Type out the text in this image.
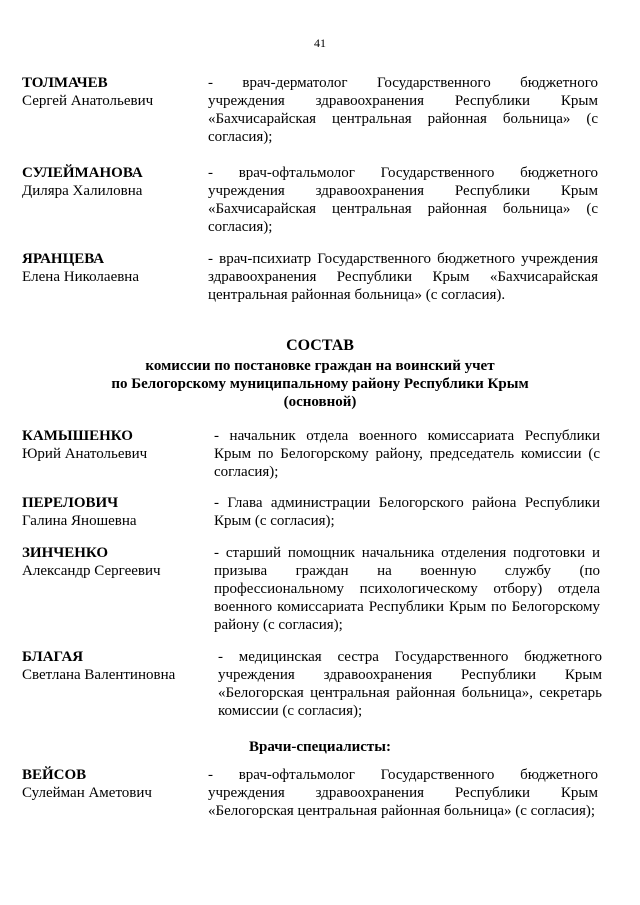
41
ТОЛМАЧЕВ
Сергей Анатольевич
- врач-дерматолог Государственного бюджетного учреждения здравоохранения Республики Крым «Бахчисарайская центральная районная больница» (с согласия);
СУЛЕЙМАНОВА
Диляра Халиловна
- врач-офтальмолог Государственного бюджетного учреждения здравоохранения Республики Крым «Бахчисарайская центральная районная больница» (с согласия);
ЯРАНЦЕВА
Елена Николаевна
- врач-психиатр Государственного бюджетного учреждения здравоохранения Республики Крым «Бахчисарайская центральная районная больница» (с согласия).
СОСТАВ
комиссии по постановке граждан на воинский учет
по Белогорскому муниципальному району Республики Крым
(основной)
КАМЫШЕНКО
Юрий Анатольевич
- начальник отдела военного комиссариата Республики Крым по Белогорскому району, председатель комиссии (с согласия);
ПЕРЕЛОВИЧ
Галина Яношевна
- Глава администрации Белогорского района Республики Крым (с согласия);
ЗИНЧЕНКО
Александр Сергеевич
- старший помощник начальника отделения подготовки и призыва граждан на военную службу (по профессиональному психологическому отбору) отдела военного комиссариата Республики Крым по Белогорскому району (с согласия);
БЛАГАЯ
Светлана Валентиновна
- медицинская сестра Государственного бюджетного учреждения здравоохранения Республики Крым «Белогорская центральная районная больница», секретарь комиссии (с согласия);
Врачи-специалисты:
ВЕЙСОВ
Сулейман Аметович
- врач-офтальмолог Государственного бюджетного учреждения здравоохранения Республики Крым «Белогорская центральная районная больница» (с согласия);
